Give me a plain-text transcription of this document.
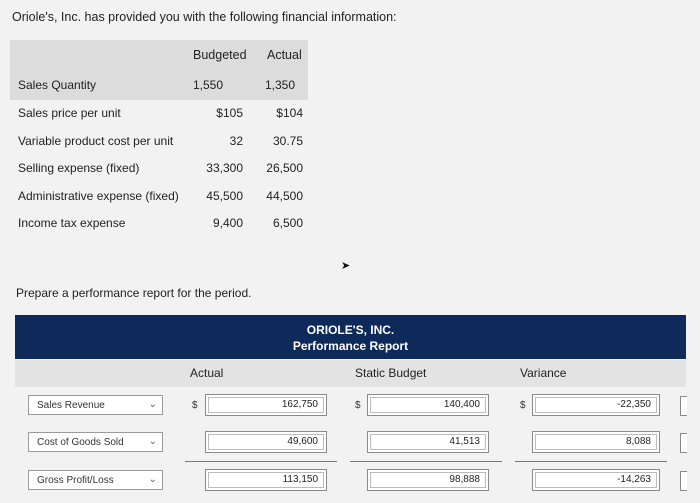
Oriole's, Inc. has provided you with the following financial information:
Budgeted Actual
Sales Quantity	1,550	1,350
Sales price per unit	$105	$104
Variable product cost per unit	32	30.75
Selling expense (fixed)	33,300	26,500
Administrative expense (fixed)	45,500	44,500
Income tax expense	9,400	6,500
➤
Prepare a performance report for the period.
ORIOLE'S, INC.
Performance Report
Actual	Static Budget	Variance
Sales Revenue	⌄	$	162,750	$	140,400	$	-22,350
Cost of Goods Sold ⌄	49,600	41,513	8,088
Gross Profit/Loss	⌄	113,150	98,888	-14,263
